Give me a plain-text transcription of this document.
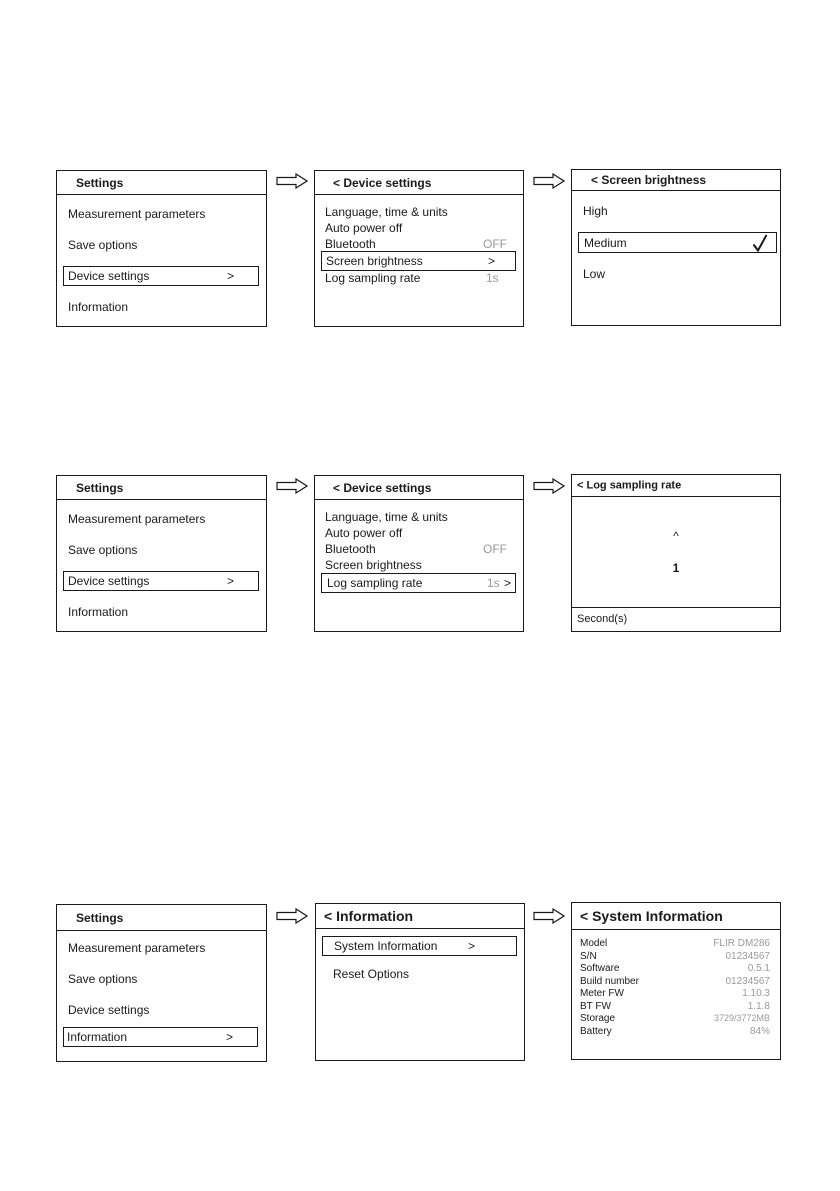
Settings
Measurement parameters
Save options
Device settings	>
Information
< Device settings
Language, time & units
Auto power off
Bluetooth	OFF
Screen brightness	>
Log sampling rate	1s
< Screen brightness
High
Medium
Low
Settings
Measurement parameters
Save options
Device settings	>
Information
< Device settings
Language, time & units
Auto power off
Bluetooth	OFF
Screen brightness
Log sampling rate	1s >
< Log sampling rate
^
1
Second(s)
Settings
Measurement parameters
Save options
Device settings
Information	>
< Information
System Information	>
Reset Options
< System Information
Model	FLIR DM286
S/N	01234567
Software	0.5.1
Build number	01234567
Meter FW	1.10.3
BT FW	1.1.8
Storage	3729/3772MB
Battery	84%
